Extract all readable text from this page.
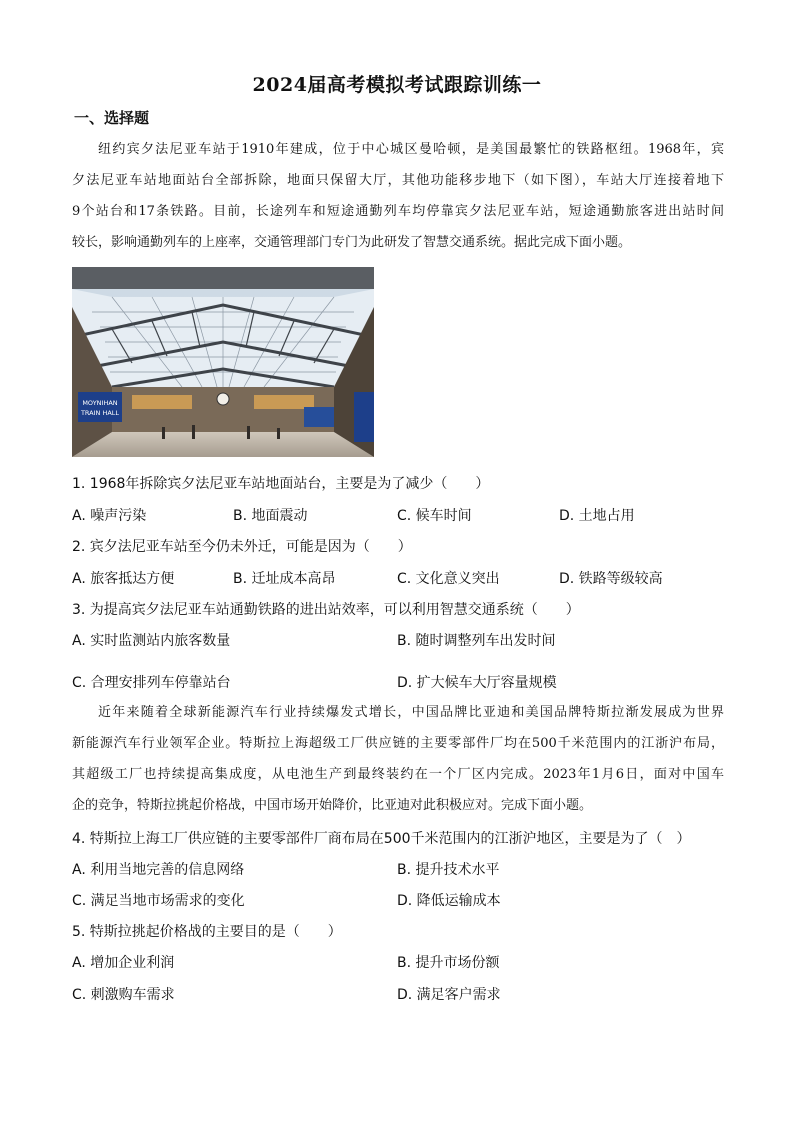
2024届高考模拟考试跟踪训练一
一、选择题

纽约宾夕法尼亚车站于1910年建成，位于中心城区曼哈顿，是美国最繁忙的铁路枢纽。1968年，宾

夕法尼亚车站地面站台全部拆除，地面只保留大厅，其他功能移步地下（如下图），车站大厅连接着地下

9个站台和17条铁路。目前，长途列车和短途通勤列车均停靠宾夕法尼亚车站，短途通勤旅客进出站时间

较长，影响通勤列车的上座率，交通管理部门专门为此研发了智慧交通系统。据此完成下面小题。

MOYNIHAN
TRAIN HALL
1. 1968年拆除宾夕法尼亚车站地面站台，主要是为了减少（　　）
A. 噪声污染	B. 地面震动	C. 候车时间	D. 土地占用
2. 宾夕法尼亚车站至今仍未外迁，可能是因为（　　）
A. 旅客抵达方便	B. 迁址成本高昂	C. 文化意义突出	D. 铁路等级较高
3. 为提高宾夕法尼亚车站通勤铁路的进出站效率，可以利用智慧交通系统（　　）
A. 实时监测站内旅客数量	B. 随时调整列车出发时间
C. 合理安排列车停靠站台	D. 扩大候车大厅容量规模

近年来随着全球新能源汽车行业持续爆发式增长，中国品牌比亚迪和美国品牌特斯拉渐发展成为世界

新能源汽车行业领军企业。特斯拉上海超级工厂供应链的主要零部件厂均在500千米范围内的江浙沪布局，

其超级工厂也持续提高集成度，从电池生产到最终装约在一个厂区内完成。2023年1月6日，面对中国车

企的竞争，特斯拉挑起价格战，中国市场开始降价，比亚迪对此积极应对。完成下面小题。

4. 特斯拉上海工厂供应链的主要零部件厂商布局在500千米范围内的江浙沪地区，主要是为了（　）
A. 利用当地完善的信息网络	B. 提升技术水平
C. 满足当地市场需求的变化	D. 降低运输成本
5. 特斯拉挑起价格战的主要目的是（　　）
A. 增加企业利润	B. 提升市场份额
C. 刺激购车需求	D. 满足客户需求
